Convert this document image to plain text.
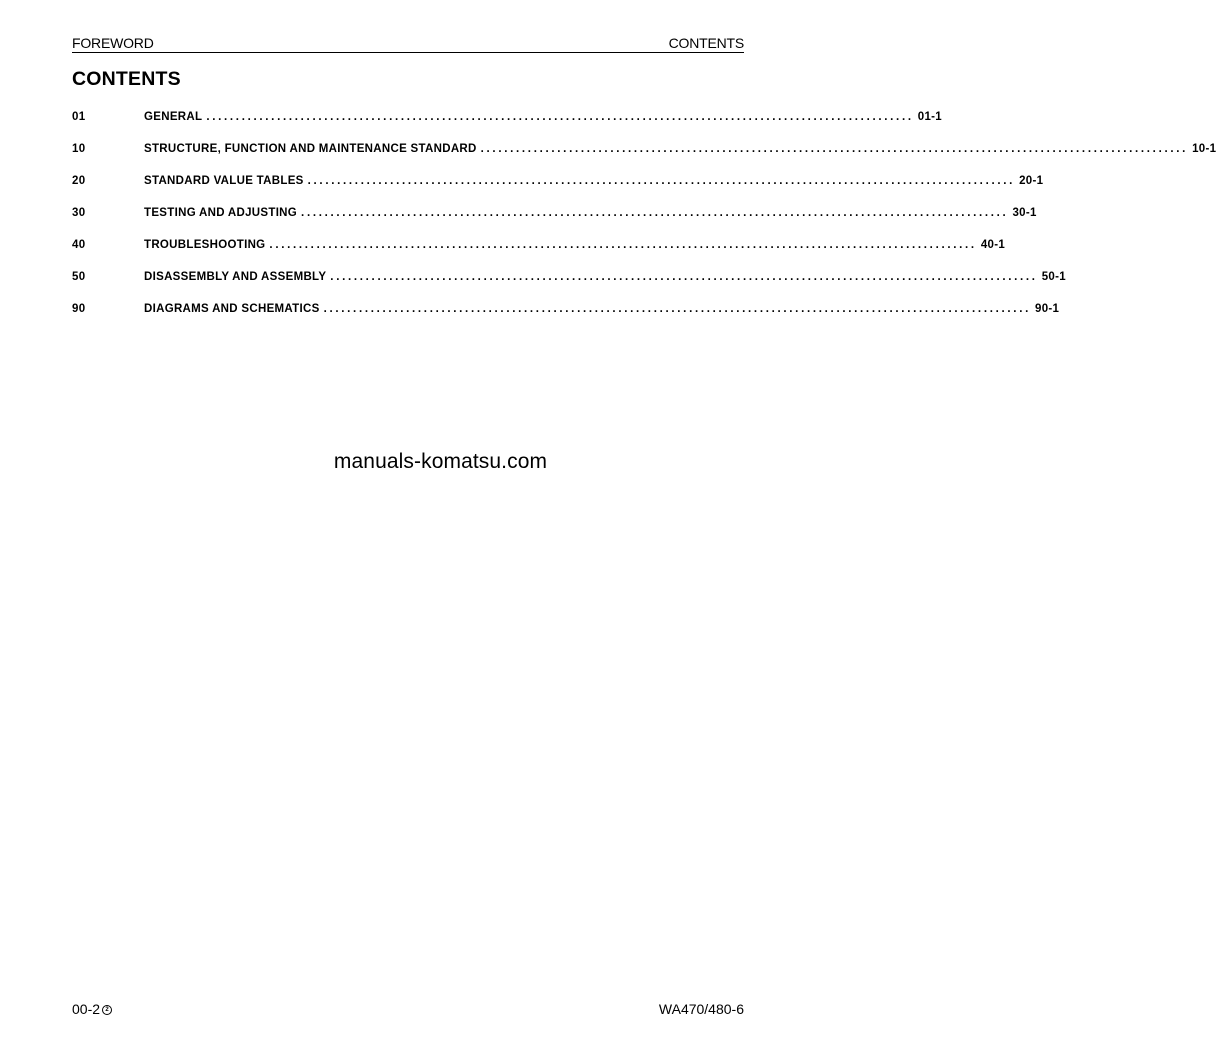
FOREWORD	CONTENTS
CONTENTS
01	GENERAL ........................................................................................................................ 01-1
10	STRUCTURE, FUNCTION AND MAINTENANCE STANDARD ........................................................................................................................ 10-1
20	STANDARD VALUE TABLES ........................................................................................................................ 20-1
30	TESTING AND ADJUSTING ........................................................................................................................ 30-1
40	TROUBLESHOOTING ........................................................................................................................ 40-1
50	DISASSEMBLY AND ASSEMBLY ........................................................................................................................ 50-1
90	DIAGRAMS AND SCHEMATICS ........................................................................................................................ 90-1
manuals-komatsu.com
00-2 2	WA470/480-6
